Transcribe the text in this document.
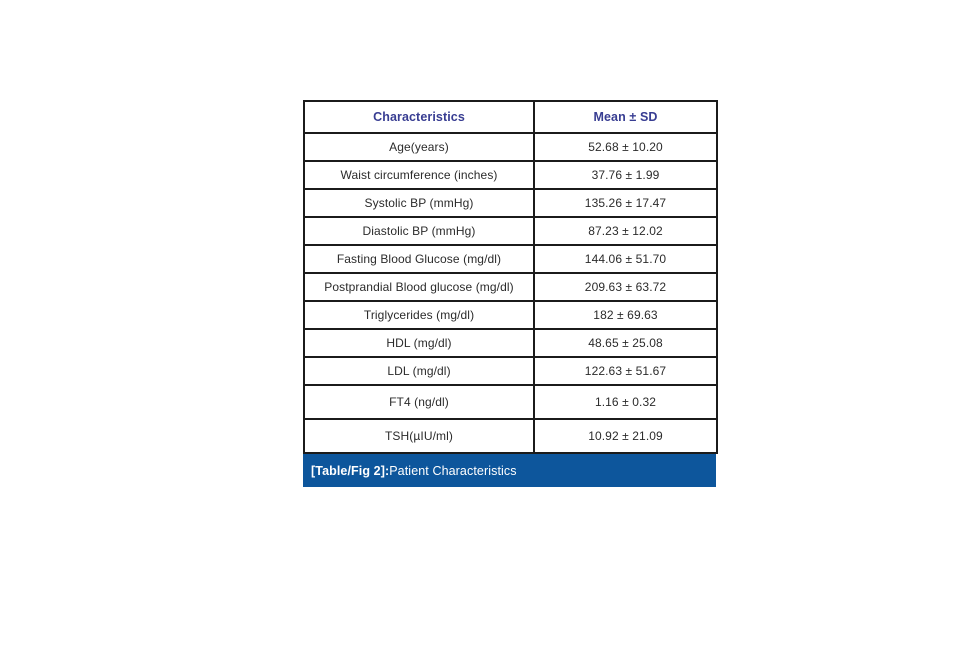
Characteristics	Mean ± SD
Age(years)	52.68 ± 10.20
Waist circumference (inches)	37.76 ± 1.99
Systolic BP (mmHg)	135.26 ± 17.47
Diastolic BP (mmHg)	87.23 ± 12.02
Fasting Blood Glucose (mg/dl)	144.06 ± 51.70
Postprandial Blood glucose (mg/dl)	209.63 ± 63.72
Triglycerides (mg/dl)	182 ± 69.63
HDL (mg/dl)	48.65 ± 25.08
LDL (mg/dl)	122.63 ± 51.67
FT4 (ng/dl)	1.16 ± 0.32
TSH(µIU/ml)	10.92 ± 21.09
[Table/Fig 2]: Patient Characteristics
